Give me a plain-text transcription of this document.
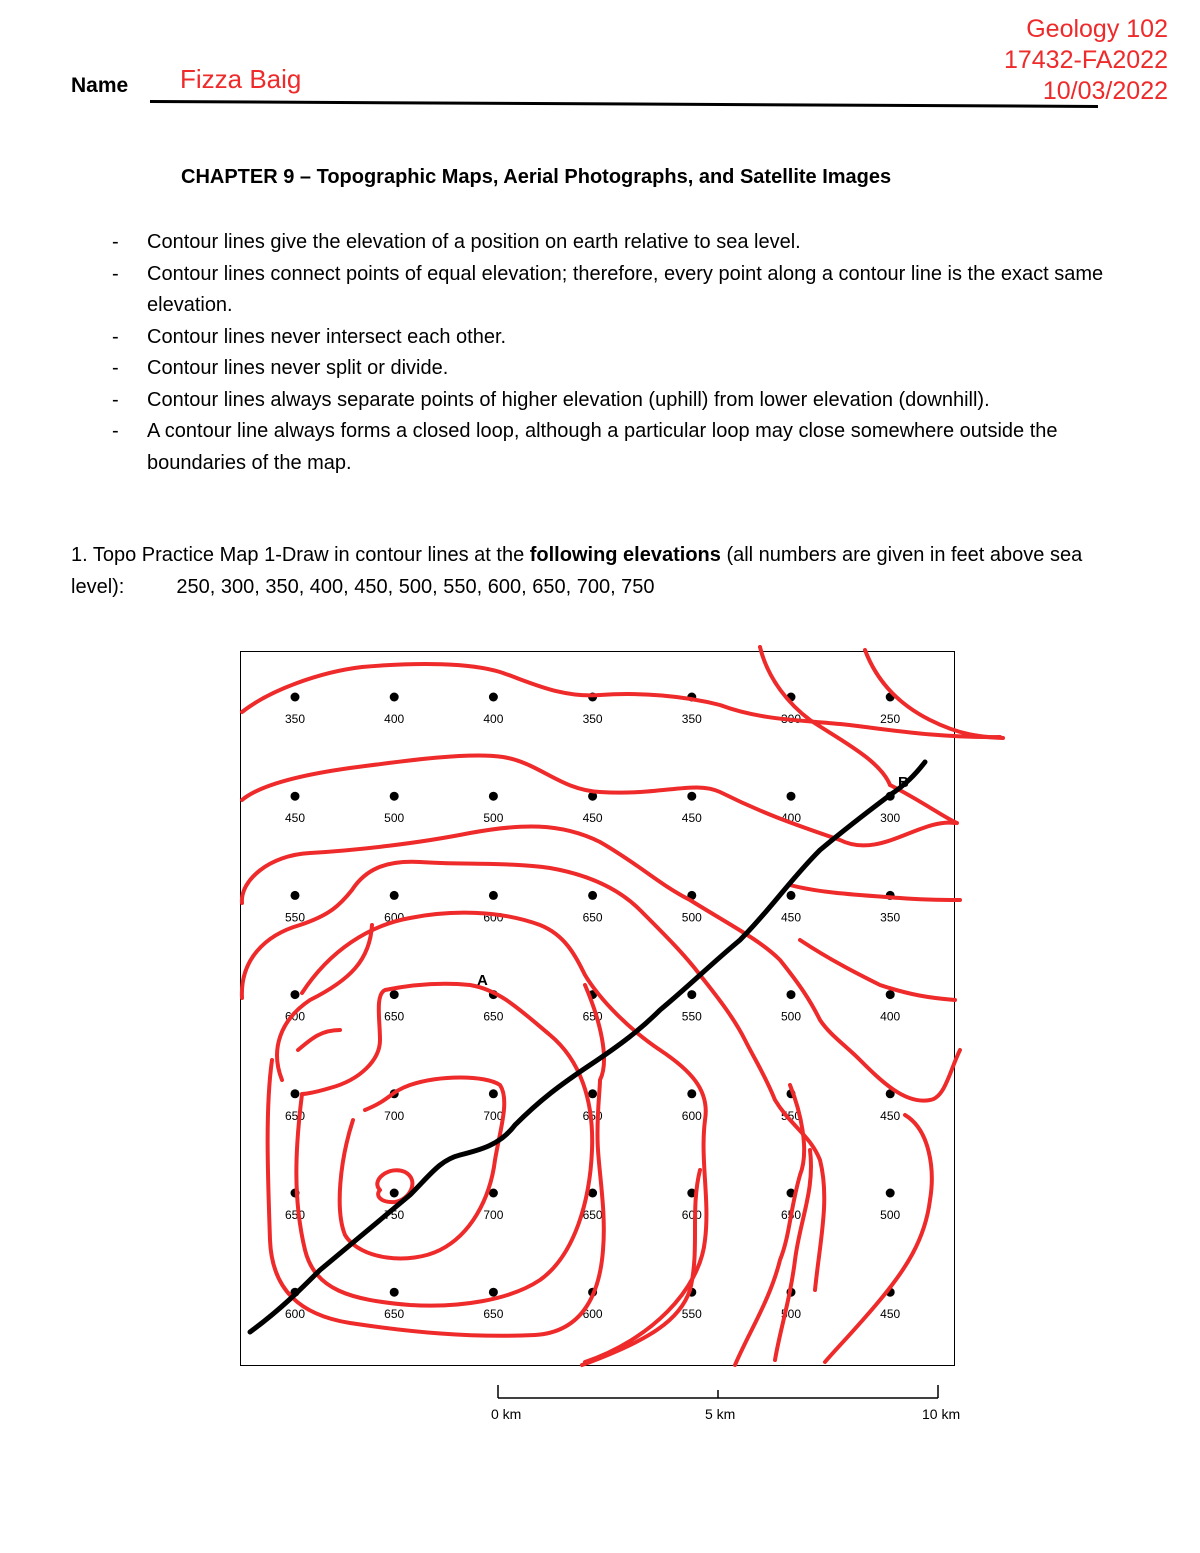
Geology 102
17432-FA2022
10/03/2022
Name Fizza Baig
CHAPTER 9 – Topographic Maps, Aerial Photographs, and Satellite Images
- Contour lines give the elevation of a position on earth relative to sea level.
- Contour lines connect points of equal elevation; therefore, every point along a contour line is the exact same elevation.
- Contour lines never intersect each other.
- Contour lines never split or divide.
- Contour lines always separate points of higher elevation (uphill) from lower elevation (downhill).
- A contour line always forms a closed loop, although a particular loop may close somewhere outside the boundaries of the map.
1. Topo Practice Map 1-Draw in contour lines at the following elevations (all numbers are given in feet above sea level):	250, 300, 350, 400, 450, 500, 550, 600, 650, 700, 750
350	400	400	350	350	300	250
450	500	500	450	450	400	300
550	600	600	650	500	450	350
600	650	650	650	550	500	400
650	700	700	650	600	550	450
650	750	700	650	600	650	500
600	650	650	600	550	500	450
A
B
0 km	5 km	10 km
